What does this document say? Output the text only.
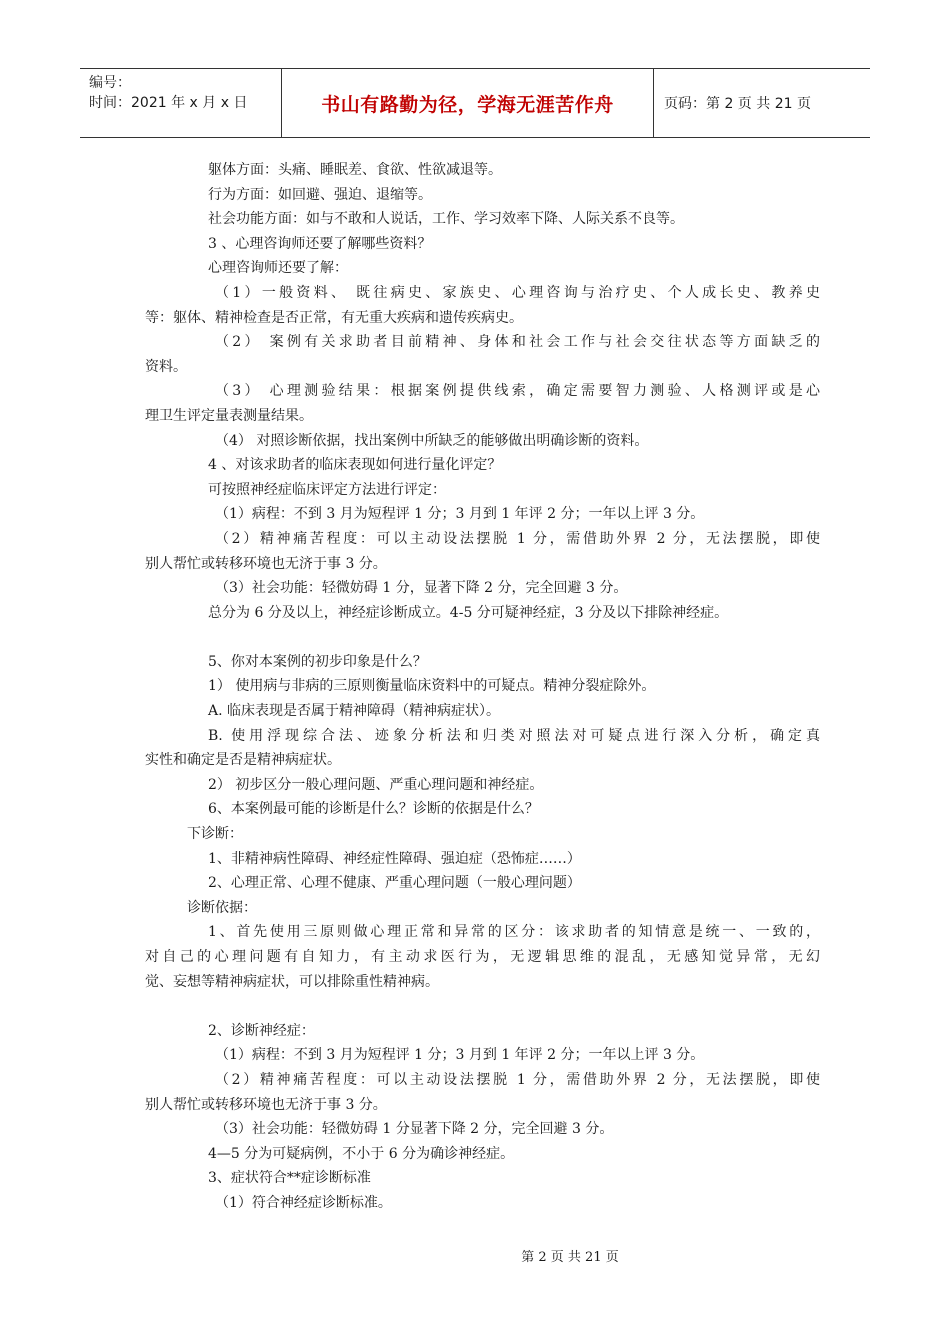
编号：
时间：2021 年 x 月 x 日	书山有路勤为径，学海无涯苦作舟	页码：第 2 页 共 21 页
躯体方面：头痛、睡眠差、食欲、性欲减退等。
行为方面：如回避、强迫、退缩等。
社会功能方面：如与不敢和人说话，工作、学习效率下降、人际关系不良等。
3 、心理咨询师还要了解哪些资料？
心理咨询师还要了解：
（1）一般资料、 既往病史、家族史、心理咨询与治疗史、个人成长史、教养史
等：躯体、精神检查是否正常，有无重大疾病和遗传疾病史。
（2） 案例有关求助者目前精神、身体和社会工作与社会交往状态等方面缺乏的
资料。
（3） 心理测验结果：根据案例提供线索，确定需要智力测验、人格测评或是心
理卫生评定量表测量结果。
（4） 对照诊断依据，找出案例中所缺乏的能够做出明确诊断的资料。
4 、对该求助者的临床表现如何进行量化评定？
可按照神经症临床评定方法进行评定：
（1）病程：不到 3 月为短程评 1 分；3 月到 1 年评 2 分；一年以上评 3 分。
（2）精神痛苦程度：可以主动设法摆脱 1 分，需借助外界 2 分，无法摆脱，即使
别人帮忙或转移环境也无济于事 3 分。
（3）社会功能：轻微妨碍 1 分，显著下降 2 分，完全回避 3 分。
总分为 6 分及以上，神经症诊断成立。4-5 分可疑神经症，3 分及以下排除神经症。
5、你对本案例的初步印象是什么？
1） 使用病与非病的三原则衡量临床资料中的可疑点。精神分裂症除外。
A. 临床表现是否属于精神障碍（精神病症状）。
B. 使用浮现综合法、迹象分析法和归类对照法对可疑点进行深入分析，确定真
实性和确定是否是精神病症状。
2） 初步区分一般心理问题、严重心理问题和神经症。
6、本案例最可能的诊断是什么？诊断的依据是什么？
下诊断：
1、非精神病性障碍、神经症性障碍、强迫症（恐怖症……）
2、心理正常、心理不健康、严重心理问题（一般心理问题）
诊断依据：
1、首先使用三原则做心理正常和异常的区分：该求助者的知情意是统一、一致的，
对自己的心理问题有自知力，有主动求医行为，无逻辑思维的混乱，无感知觉异常，无幻
觉、妄想等精神病症状，可以排除重性精神病。
2、诊断神经症：
（1）病程：不到 3 月为短程评 1 分；3 月到 1 年评 2 分；一年以上评 3 分。
（2）精神痛苦程度：可以主动设法摆脱 1 分，需借助外界 2 分，无法摆脱，即使
别人帮忙或转移环境也无济于事 3 分。
（3）社会功能：轻微妨碍 1 分显著下降 2 分，完全回避 3 分。
4—5 分为可疑病例，不小于 6 分为确诊神经症。
3、症状符合**症诊断标准
（1）符合神经症诊断标准。
第 2 页 共 21 页
